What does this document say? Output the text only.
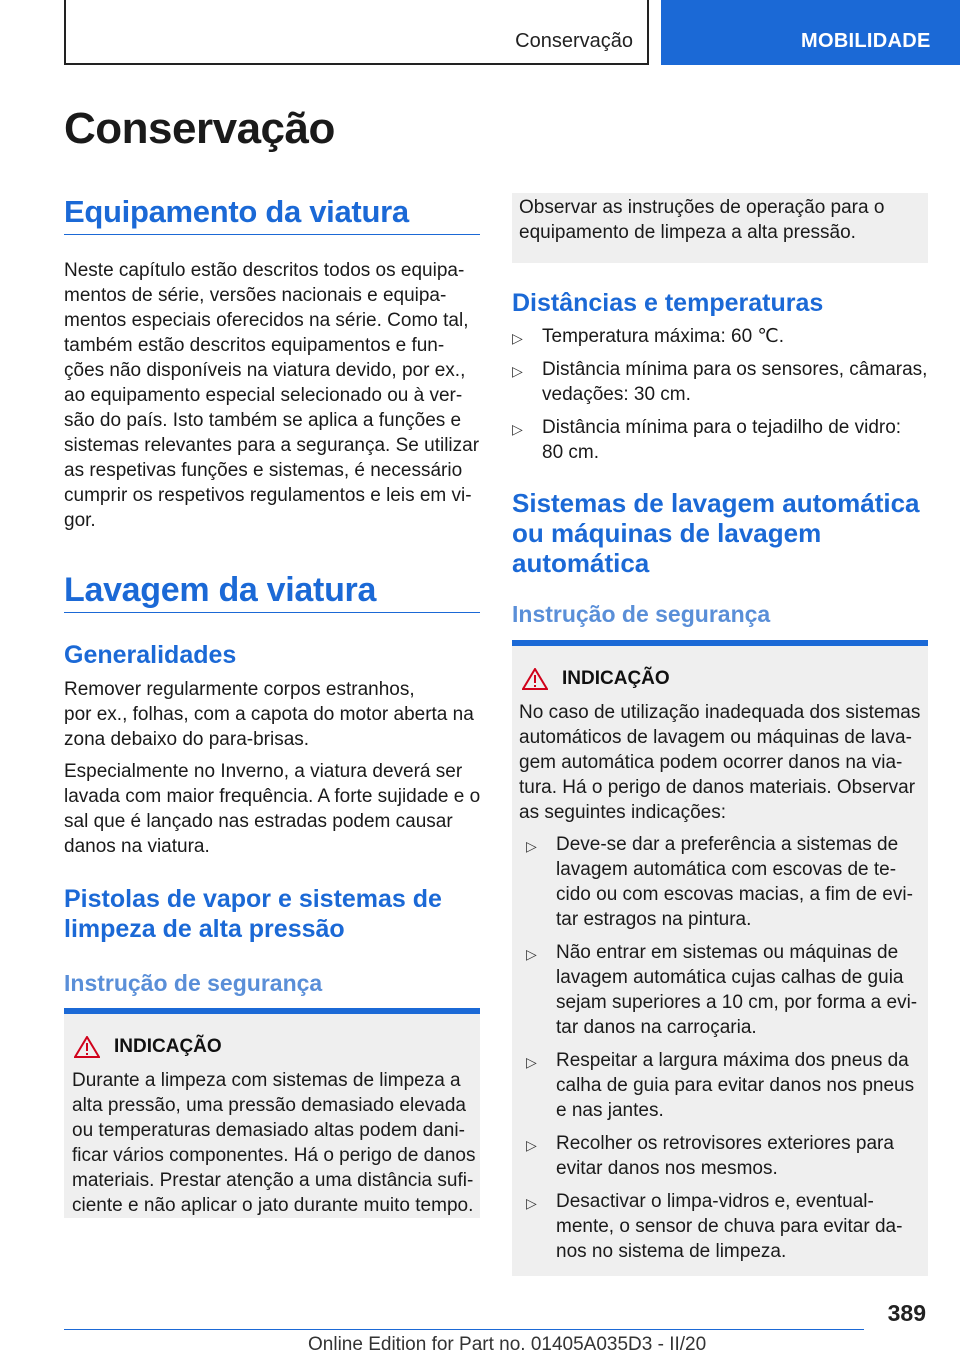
Conservação	MOBILIDADE
Conservação
Equipamento da viatura
Neste capítulo estão descritos todos os equipa-
mentos de série, versões nacionais e equipa-
mentos especiais oferecidos na série. Como tal,
também estão descritos equipamentos e fun-
ções não disponíveis na viatura devido, por ex.,
ao equipamento especial selecionado ou à ver-
são do país. Isto também se aplica a funções e
sistemas relevantes para a segurança. Se utilizar
as respetivas funções e sistemas, é necessário
cumprir os respetivos regulamentos e leis em vi-
gor.
Lavagem da viatura
Generalidades
Remover regularmente corpos estranhos,
por ex., folhas, com a capota do motor aberta na
zona debaixo do para-brisas.
Especialmente no Inverno, a viatura deverá ser
lavada com maior frequência. A forte sujidade e o
sal que é lançado nas estradas podem causar
danos na viatura.
Pistolas de vapor e sistemas de
limpeza de alta pressão
Instrução de segurança
INDICAÇÃO
Durante a limpeza com sistemas de limpeza a
alta pressão, uma pressão demasiado elevada
ou temperaturas demasiado altas podem dani-
ficar vários componentes. Há o perigo de danos
materiais. Prestar atenção a uma distância sufi-
ciente e não aplicar o jato durante muito tempo.
Observar as instruções de operação para o
equipamento de limpeza a alta pressão.
Distâncias e temperaturas
▷ Temperatura máxima: 60 ℃.
▷ Distância mínima para os sensores, câmaras,
vedações: 30 cm.
▷ Distância mínima para o tejadilho de vidro:
80 cm.
Sistemas de lavagem automática
ou máquinas de lavagem
automática
Instrução de segurança
INDICAÇÃO
No caso de utilização inadequada dos sistemas
automáticos de lavagem ou máquinas de lava-
gem automática podem ocorrer danos na via-
tura. Há o perigo de danos materiais. Observar
as seguintes indicações:
▷ Deve-se dar a preferência a sistemas de
lavagem automática com escovas de te-
cido ou com escovas macias, a fim de evi-
tar estragos na pintura.
▷ Não entrar em sistemas ou máquinas de
lavagem automática cujas calhas de guia
sejam superiores a 10 cm, por forma a evi-
tar danos na carroçaria.
▷ Respeitar a largura máxima dos pneus da
calha de guia para evitar danos nos pneus
e nas jantes.
▷ Recolher os retrovisores exteriores para
evitar danos nos mesmos.
▷ Desactivar o limpa-vidros e, eventual-
mente, o sensor de chuva para evitar da-
nos no sistema de limpeza.
389
Online Edition for Part no. 01405A035D3 - II/20
